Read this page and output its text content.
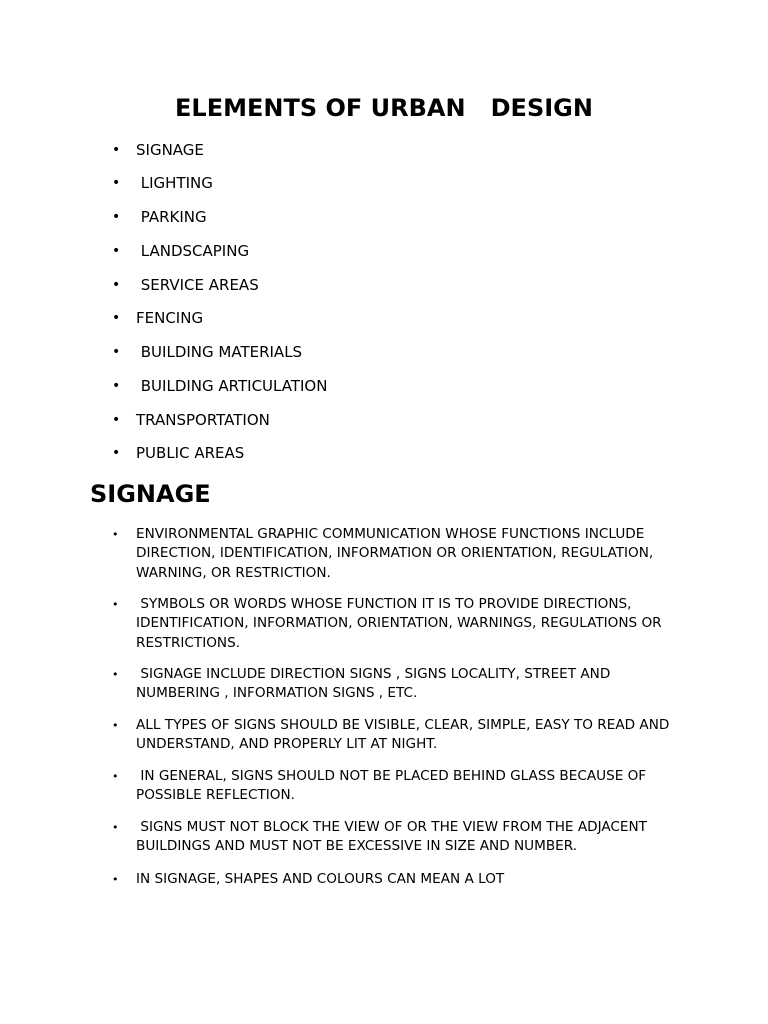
ELEMENTS OF URBAN   DESIGN
• SIGNAGE
• LIGHTING
• PARKING
• LANDSCAPING
• SERVICE AREAS
• FENCING
• BUILDING MATERIALS
• BUILDING ARTICULATION
• TRANSPORTATION
• PUBLIC AREAS
SIGNAGE
• ENVIRONMENTAL GRAPHIC COMMUNICATION WHOSE FUNCTIONS INCLUDE DIRECTION, IDENTIFICATION, INFORMATION OR ORIENTATION, REGULATION, WARNING, OR RESTRICTION.
• SYMBOLS OR WORDS WHOSE FUNCTION IT IS TO PROVIDE DIRECTIONS, IDENTIFICATION, INFORMATION, ORIENTATION, WARNINGS, REGULATIONS OR RESTRICTIONS.
• SIGNAGE INCLUDE DIRECTION SIGNS , SIGNS LOCALITY, STREET AND NUMBERING , INFORMATION SIGNS , ETC.
• ALL TYPES OF SIGNS SHOULD BE VISIBLE, CLEAR, SIMPLE, EASY TO READ AND UNDERSTAND, AND PROPERLY LIT AT NIGHT.
• IN GENERAL, SIGNS SHOULD NOT BE PLACED BEHIND GLASS BECAUSE OF POSSIBLE REFLECTION.
• SIGNS MUST NOT BLOCK THE VIEW OF OR THE VIEW FROM THE ADJACENT BUILDINGS AND MUST NOT BE EXCESSIVE IN SIZE AND NUMBER.
• IN SIGNAGE, SHAPES AND COLOURS CAN MEAN A LOT
